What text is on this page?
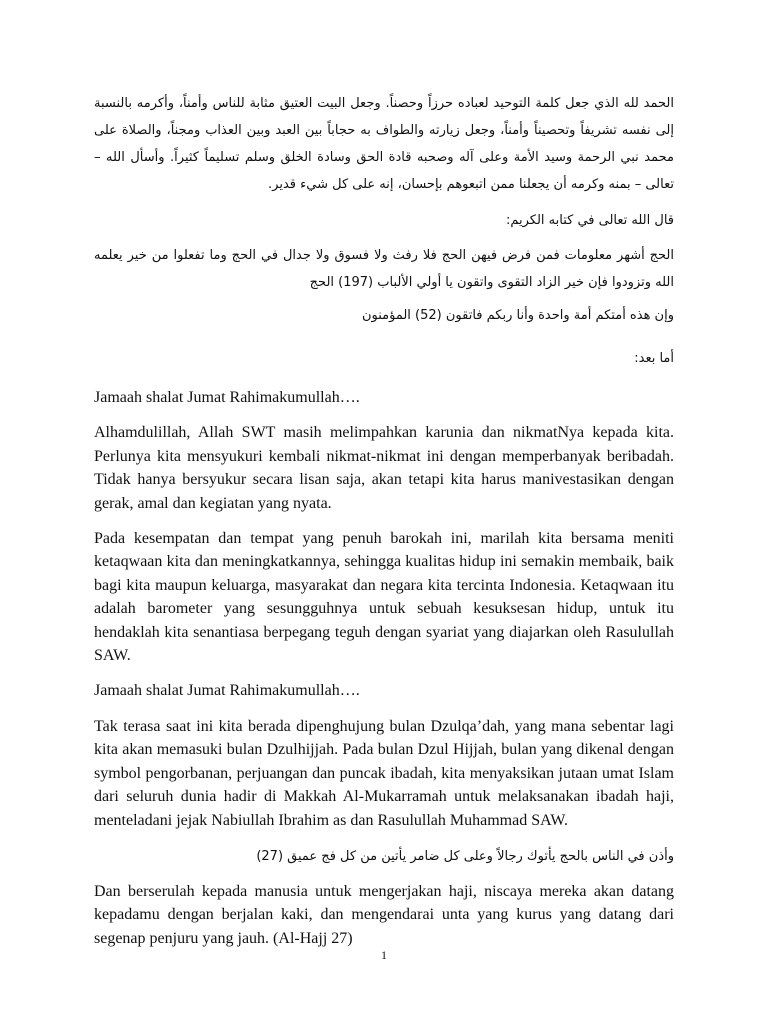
الحمد لله الذي جعل كلمة التوحيد لعباده حرزاً وحصناً. وجعل البيت العتيق مثابة للناس وأمناً، وأكرمه بالنسبة إلى نفسه تشريفاً وتحصيناً وأمناً، وجعل زيارته والطواف به حجاباً بين العبد وبين العذاب ومجناً، والصلاة على محمد نبي الرحمة وسيد الأمة وعلى آله وصحبه قادة الحق وسادة الخلق وسلم تسليماً كثيراً. وأسأل الله – تعالى – بمنه وكرمه أن يجعلنا ممن اتبعوهم بإحسان، إنه على كل شيء قدير.

قال الله تعالى في كتابه الكريم:

الحج أشهر معلومات فمن فرض فيهن الحج فلا رفث ولا فسوق ولا جدال في الحج وما تفعلوا من خير يعلمه الله وتزودوا فإن خير الزاد التقوى واتقون يا أولي الألباب (197) الحج

وإن هذه أمتكم أمة واحدة وأنا ربكم فاتقون (52) المؤمنون

أما بعد:

Jamaah shalat Jumat Rahimakumullah….

Alhamdulillah, Allah SWT masih melimpahkan karunia dan nikmatNya kepada kita. Perlunya kita mensyukuri kembali nikmat-nikmat ini dengan memperbanyak beribadah. Tidak hanya bersyukur secara lisan saja, akan tetapi kita harus manivestasikan dengan gerak, amal dan kegiatan yang nyata.

Pada kesempatan dan tempat yang penuh barokah ini, marilah kita bersama meniti ketaqwaan kita dan meningkatkannya, sehingga kualitas hidup ini semakin membaik, baik bagi kita maupun keluarga, masyarakat dan negara kita tercinta Indonesia. Ketaqwaan itu adalah barometer yang sesungguhnya untuk sebuah kesuksesan hidup, untuk itu hendaklah kita senantiasa berpegang teguh dengan syariat yang diajarkan oleh Rasulullah SAW.

Jamaah shalat Jumat Rahimakumullah….

Tak terasa saat ini kita berada dipenghujung bulan Dzulqa’dah, yang mana sebentar lagi kita akan memasuki bulan Dzulhijjah. Pada bulan Dzul Hijjah, bulan yang dikenal dengan symbol pengorbanan, perjuangan dan puncak ibadah, kita menyaksikan jutaan umat Islam dari seluruh dunia hadir di Makkah Al-Mukarramah untuk melaksanakan ibadah haji, menteladani jejak Nabiullah Ibrahim as dan Rasulullah Muhammad SAW.

وأذن في الناس بالحج يأتوك رجالاً وعلى كل ضامر يأتين من كل فج عميق (27)

Dan berserulah kepada manusia untuk mengerjakan haji, niscaya mereka akan datang kepadamu dengan berjalan kaki, dan mengendarai unta yang kurus yang datang dari segenap penjuru yang jauh. (Al-Hajj 27)

1
